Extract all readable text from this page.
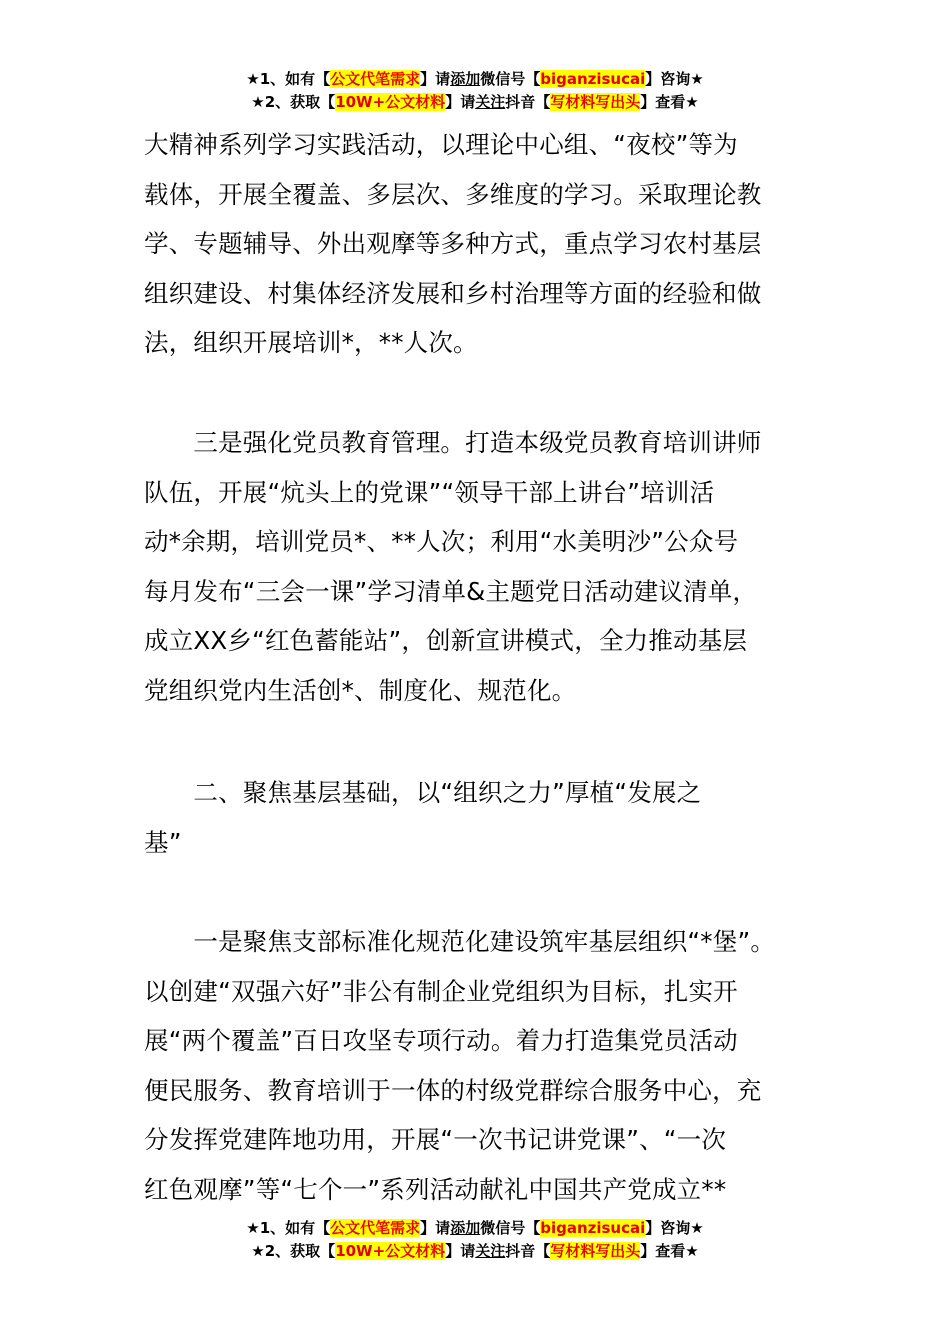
★1、如有【公文代笔需求】请添加微信号【biganzisucai】咨询★
★2、获取【10W+公文材料】请关注抖音【写材料写出头】查看★
大精神系列学习实践活动，以理论中心组、“夜校”等为
载体，开展全覆盖、多层次、多维度的学习。采取理论教
学、专题辅导、外出观摩等多种方式，重点学习农村基层
组织建设、村集体经济发展和乡村治理等方面的经验和做
法，组织开展培训*，**人次。
　　三是强化党员教育管理。打造本级党员教育培训讲师
队伍，开展“炕头上的党课”“领导干部上讲台”培训活
动*余期，培训党员*、**人次；利用“水美明沙”公众号
每月发布“三会一课”学习清单&主题党日活动建议清单，
成立XX乡“红色蓄能站”，创新宣讲模式，全力推动基层
党组织党内生活创*、制度化、规范化。
　　二、聚焦基层基础，以“组织之力”厚植“发展之
基”
　　一是聚焦支部标准化规范化建设筑牢基层组织“*堡”。
以创建“双强六好”非公有制企业党组织为目标，扎实开
展“两个覆盖”百日攻坚专项行动。着力打造集党员活动
便民服务、教育培训于一体的村级党群综合服务中心，充
分发挥党建阵地功用，开展“一次书记讲党课”、“一次
红色观摩”等“七个一”系列活动献礼中国共产党成立**
★1、如有【公文代笔需求】请添加微信号【biganzisucai】咨询★
★2、获取【10W+公文材料】请关注抖音【写材料写出头】查看★
